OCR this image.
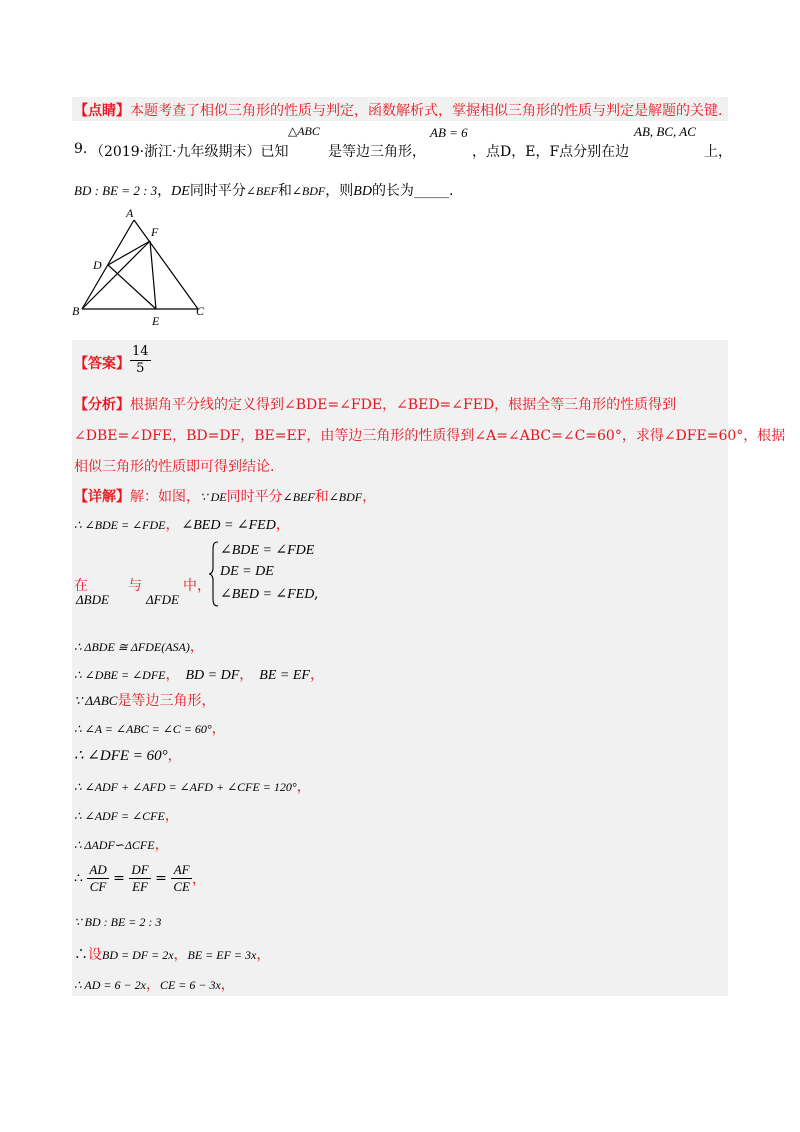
【点睛】本题考查了相似三角形的性质与判定，函数解析式，掌握相似三角形的性质与判定是解题的关键.
9. （2019·浙江·九年级期末）已知
△ABC
是等边三角形，
AB = 6
，点D，E，F点分别在边
AB, BC, AC
上，
BD : BE = 2 : 3，DE同时平分∠BEF和∠BDF，则BD的长为_____.
A
F
D
B
E
C
【答案】 $\frac{14}{5}$
【分析】根据角平分线的定义得到∠BDE=∠FDE，∠BED=∠FED，根据全等三角形的性质得到
∠DBE=∠DFE，BD=DF，BE=EF，由等边三角形的性质得到∠A=∠ABC=∠C=60°，求得∠DFE=60°，根据
相似三角形的性质即可得到结论.
【详解】解：如图，∵ DE同时平分∠BEF和∠BDF，
∴ ∠BDE = ∠FDE， ∠BED = ∠FED，
在
ΔBDE
与
ΔFDE
中，
∠BDE = ∠FDE
DE = DE
∠BED = ∠FED ,
∴ ΔBDE ≅ ΔFDE(ASA)，
∴ ∠DBE = ∠DFE， BD = DF， BE = EF，
∵ ΔABC是等边三角形，
∴ ∠A = ∠ABC = ∠C = 60°，
∴ ∠DFE = 60°，
∴ ∠ADF + ∠AFD = ∠AFD + ∠CFE = 120°，
∴ ∠ADF = ∠CFE，
∴ ΔADF∽ΔCFE，
∴ $\frac{AD}{CF} = \frac{DF}{EF} = \frac{AF}{CE}$ ，
∵ BD : BE = 2 : 3
∴设BD = DF = 2x，BE = EF = 3x，
∴ AD = 6 − 2x，CE = 6 − 3x，
